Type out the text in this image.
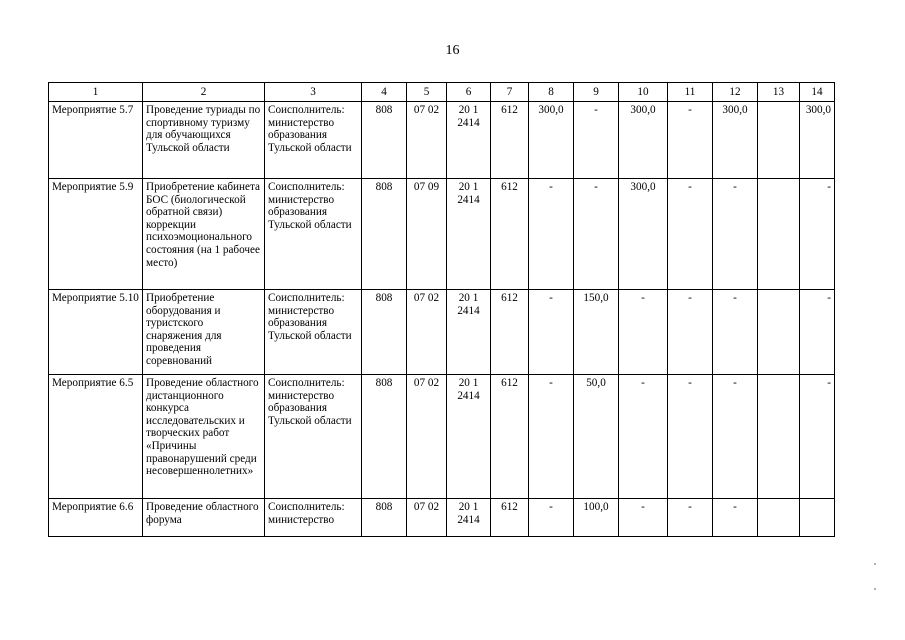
16
1	2	3	4	5	6	7	8	9	10	11	12	13	14
Мероприятие 5.7	Проведение туриады по спортивному туризму для обучающихся Тульской области	Соисполнитель: министерство образования Тульской области	808	07 02	20 1 2414	612	300,0	-	300,0	-	300,0		300,0
Мероприятие 5.9	Приобретение кабинета БОС (биологической обратной связи) коррекции психоэмоционального состояния (на 1 рабочее место)	Соисполнитель: министерство образования Тульской области	808	07 09	20 1 2414	612	-	-	300,0	-	-		-
Мероприятие 5.10	Приобретение оборудования и туристского снаряжения для проведения соревнований	Соисполнитель: министерство образования Тульской области	808	07 02	20 1 2414	612	-	150,0	-	-	-		-
Мероприятие 6.5	Проведение областного дистанционного конкурса исследовательских и творческих работ «Причины правонарушений среди несовершеннолетних»	Соисполнитель: министерство образования Тульской области	808	07 02	20 1 2414	612	-	50,0	-	-	-		-
Мероприятие 6.6	Проведение областного форума	Соисполнитель: министерство	808	07 02	20 1 2414	612	-	100,0	-	-	-		
